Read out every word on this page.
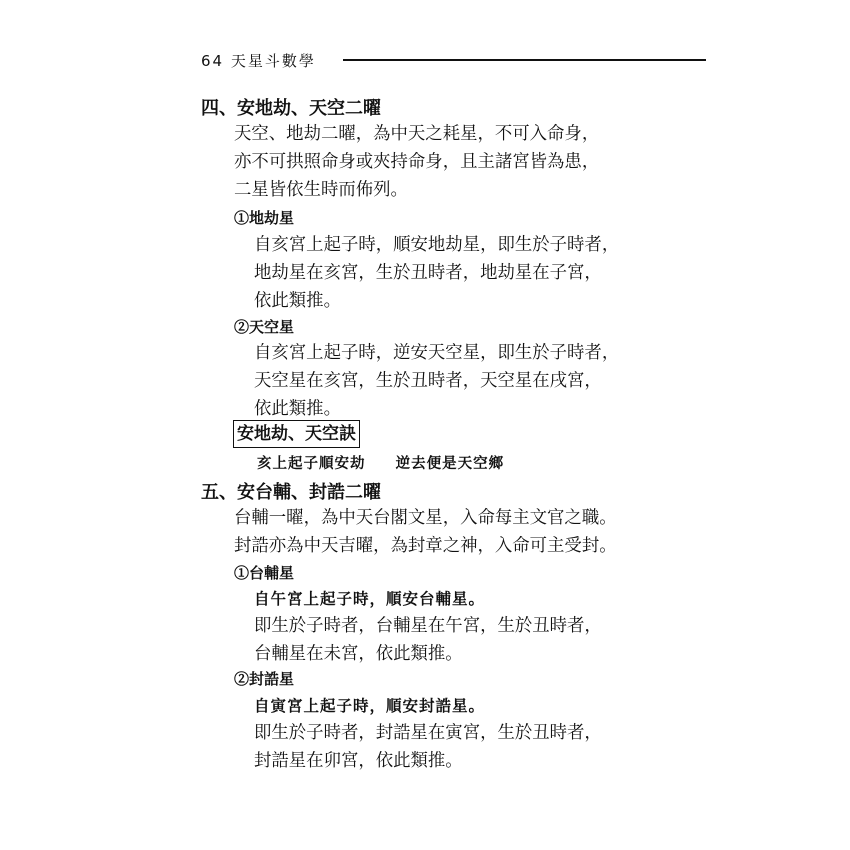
64 天星斗數學
四、安地劫、天空二曜
天空、地劫二曜，為中天之耗星，不可入命身，
亦不可拱照命身或夾持命身，且主諸宮皆為患，
二星皆依生時而佈列。
①地劫星
自亥宮上起子時，順安地劫星，即生於子時者，
地劫星在亥宮，生於丑時者，地劫星在子宮，
依此類推。
②天空星
自亥宮上起子時，逆安天空星，即生於子時者，
天空星在亥宮，生於丑時者，天空星在戌宮，
依此類推。
安地劫、天空訣
亥上起子順安劫 逆去便是天空鄉
五、安台輔、封誥二曜
台輔一曜，為中天台閣文星，入命每主文官之職。
封誥亦為中天吉曜，為封章之神，入命可主受封。
①台輔星
自午宮上起子時，順安台輔星。
即生於子時者，台輔星在午宮，生於丑時者，
台輔星在未宮，依此類推。
②封誥星
自寅宮上起子時，順安封誥星。
即生於子時者，封誥星在寅宮，生於丑時者，
封誥星在卯宮，依此類推。
